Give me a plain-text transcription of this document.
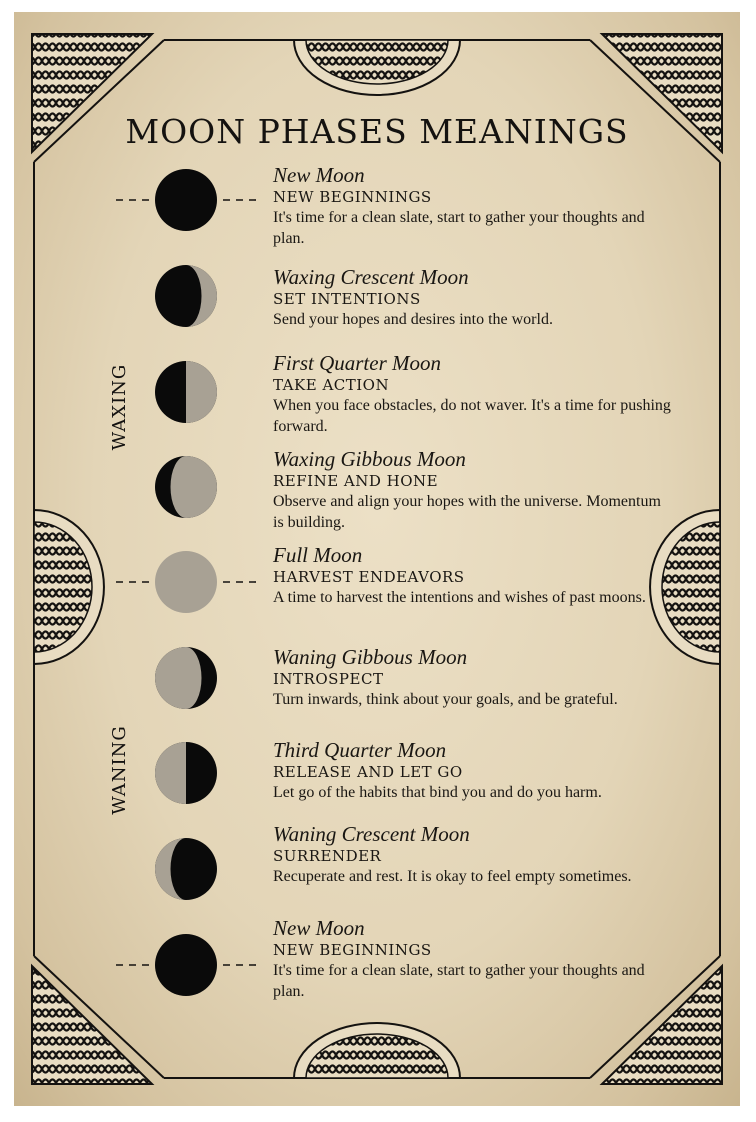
MOON PHASES MEANINGS
WAXING
WANING

New Moon

NEW BEGINNINGS

It's time for a clean slate, start to gather your thoughts and plan.

Waxing Crescent Moon

SET INTENTIONS

Send your hopes and desires into the world.

First Quarter Moon

TAKE ACTION

When you face obstacles, do not waver. It's a time for pushing forward.

Waxing Gibbous Moon

REFINE AND HONE

Observe and align your hopes with the universe. Momentum is building.

Full Moon

HARVEST ENDEAVORS

A time to harvest the intentions and wishes of past moons.

Waning Gibbous Moon

INTROSPECT

Turn inwards, think about your goals, and be grateful.

Third Quarter Moon

RELEASE AND LET GO

Let go of the habits that bind you and do you harm.

Waning Crescent Moon

SURRENDER

Recuperate and rest. It is okay to feel empty sometimes.

New Moon

NEW BEGINNINGS

It's time for a clean slate, start to gather your thoughts and plan.
